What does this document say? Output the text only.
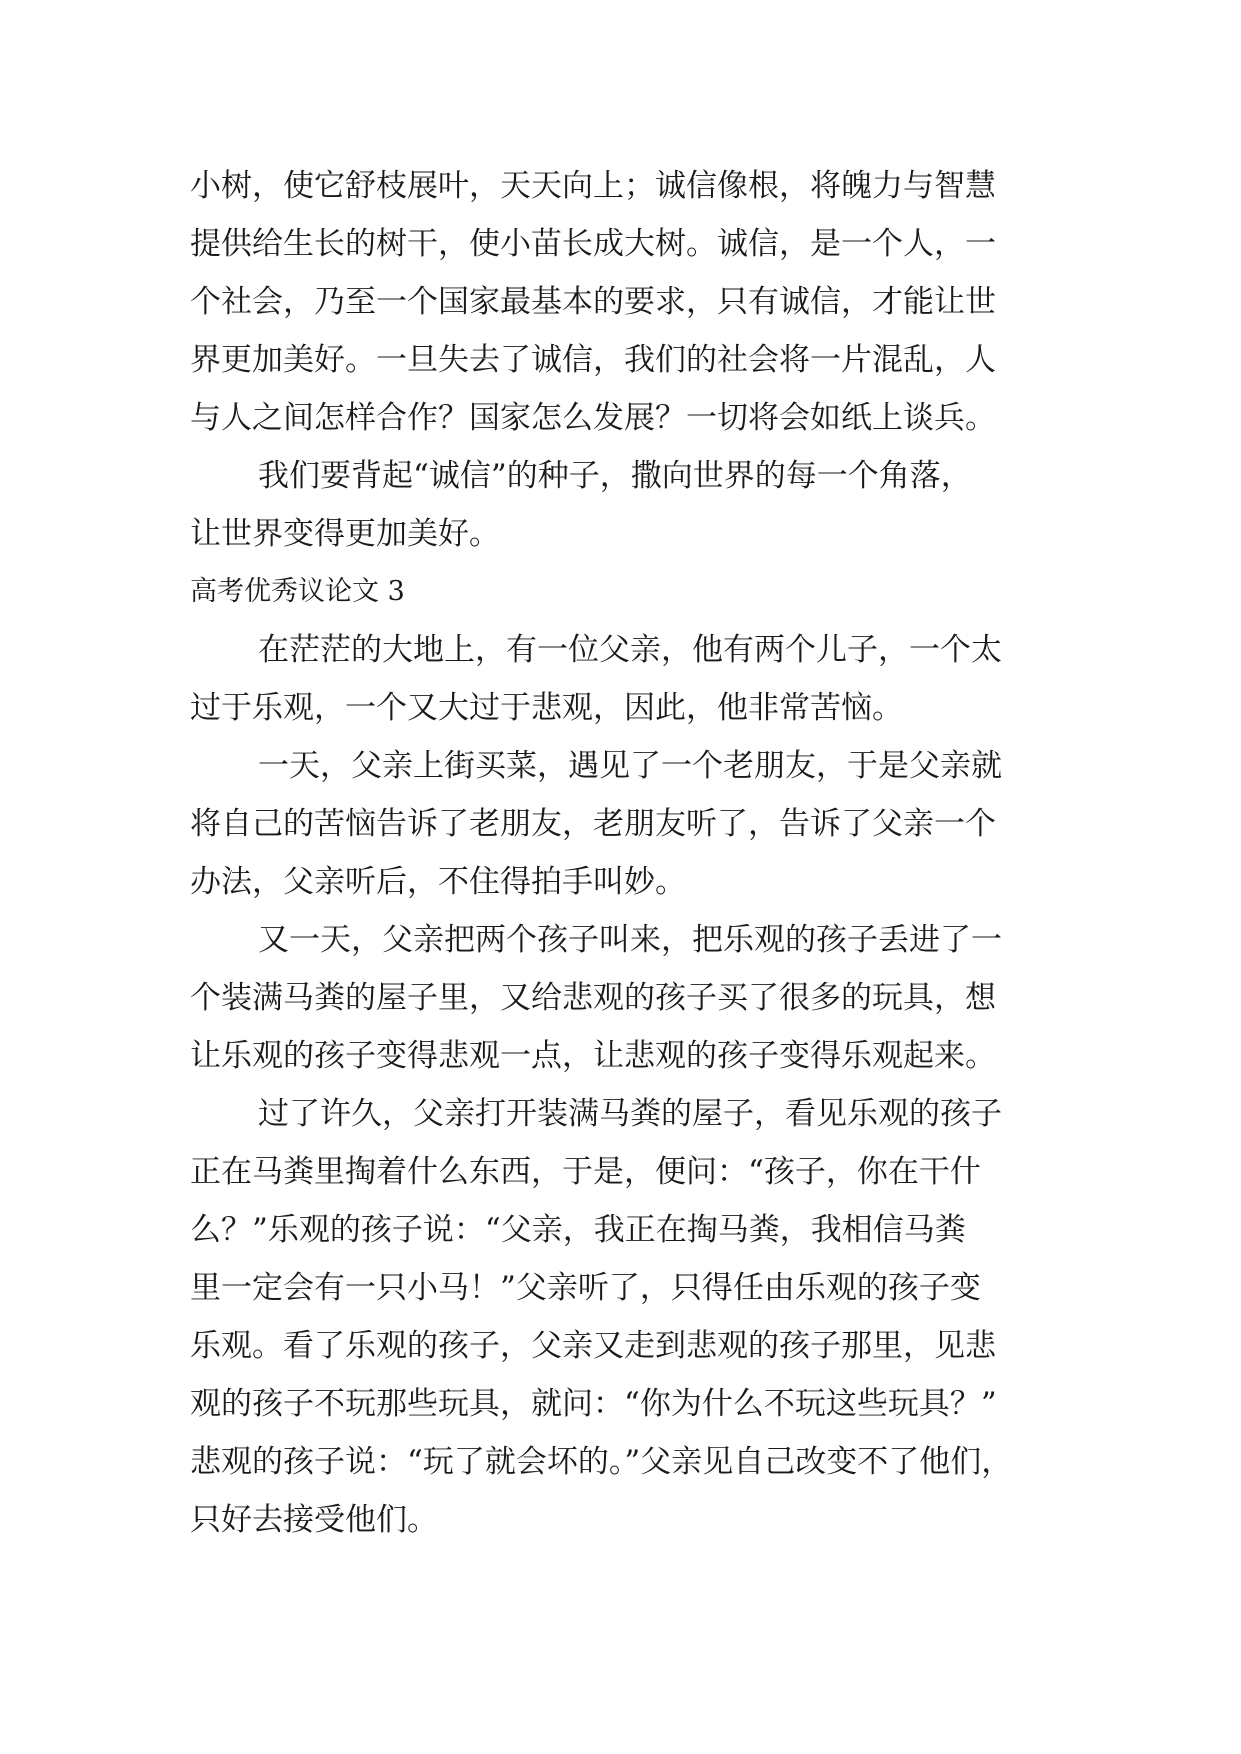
小树，使它舒枝展叶，天天向上；诚信像根，将魄力与智慧
提供给生长的树干，使小苗长成大树。诚信，是一个人，一
个社会，乃至一个国家最基本的要求，只有诚信，才能让世
界更加美好。一旦失去了诚信，我们的社会将一片混乱，人
与人之间怎样合作？国家怎么发展？一切将会如纸上谈兵。
我们要背起“诚信”的种子，撒向世界的每一个角落，
让世界变得更加美好。
高考优秀议论文 3
在茫茫的大地上，有一位父亲，他有两个儿子，一个太
过于乐观，一个又大过于悲观，因此，他非常苦恼。
一天，父亲上街买菜，遇见了一个老朋友，于是父亲就
将自己的苦恼告诉了老朋友，老朋友听了，告诉了父亲一个
办法，父亲听后，不住得拍手叫妙。
又一天，父亲把两个孩子叫来，把乐观的孩子丢进了一
个装满马粪的屋子里，又给悲观的孩子买了很多的玩具，想
让乐观的孩子变得悲观一点，让悲观的孩子变得乐观起来。
过了许久，父亲打开装满马粪的屋子，看见乐观的孩子
正在马粪里掏着什么东西，于是，便问：“孩子，你在干什
么？”乐观的孩子说：“父亲，我正在掏马粪，我相信马粪
里一定会有一只小马！”父亲听了，只得任由乐观的孩子变
乐观。看了乐观的孩子，父亲又走到悲观的孩子那里，见悲
观的孩子不玩那些玩具，就问：“你为什么不玩这些玩具？”
悲观的孩子说：“玩了就会坏的。”父亲见自己改变不了他们，
只好去接受他们。
